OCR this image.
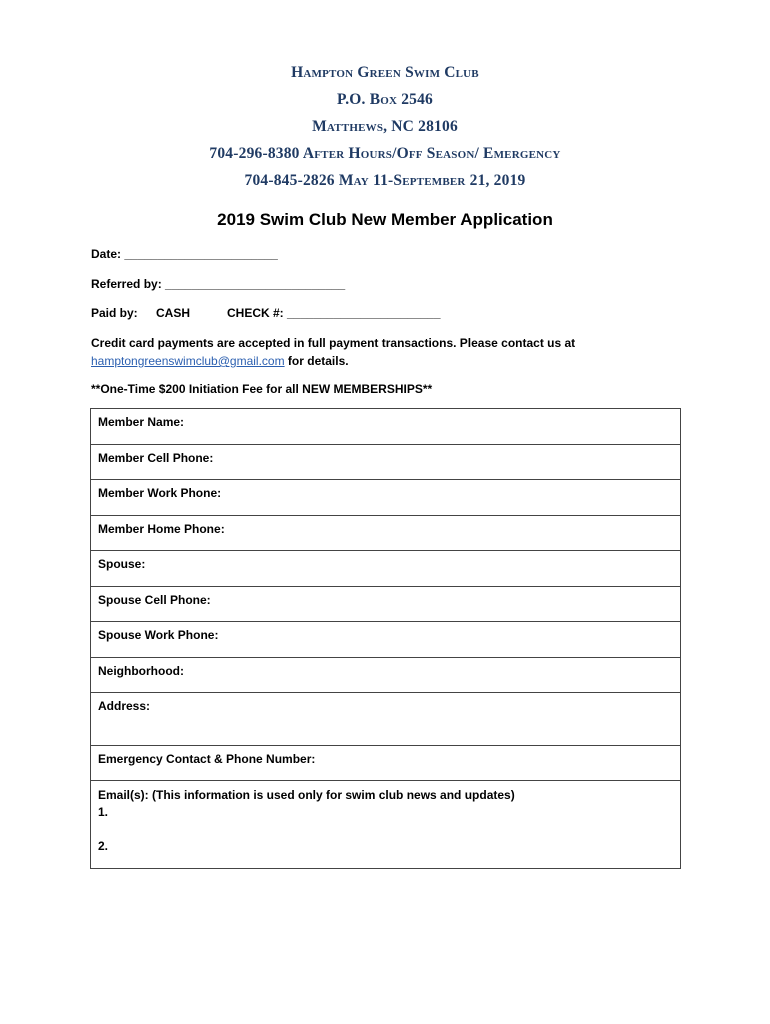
Hampton Green Swim Club
P.O. Box 2546
Matthews, NC 28106
704-296-8380 After Hours/Off Season/ Emergency
704-845-2826 May 11-September 21, 2019
2019 Swim Club New Member Application
Date: _______________________
Referred by: ___________________________
Paid by: CASH	CHECK #: _______________________
Credit card payments are accepted in full payment transactions. Please contact us at
hamptongreenswimclub@gmail.com for details.
**One-Time $200 Initiation Fee for all NEW MEMBERSHIPS**
Member Name:
Member Cell Phone:
Member Work Phone:
Member Home Phone:
Spouse:
Spouse Cell Phone:
Spouse Work Phone:
Neighborhood:
Address:
Emergency Contact & Phone Number:
Email(s): (This information is used only for swim club news and updates)
1.
2.
